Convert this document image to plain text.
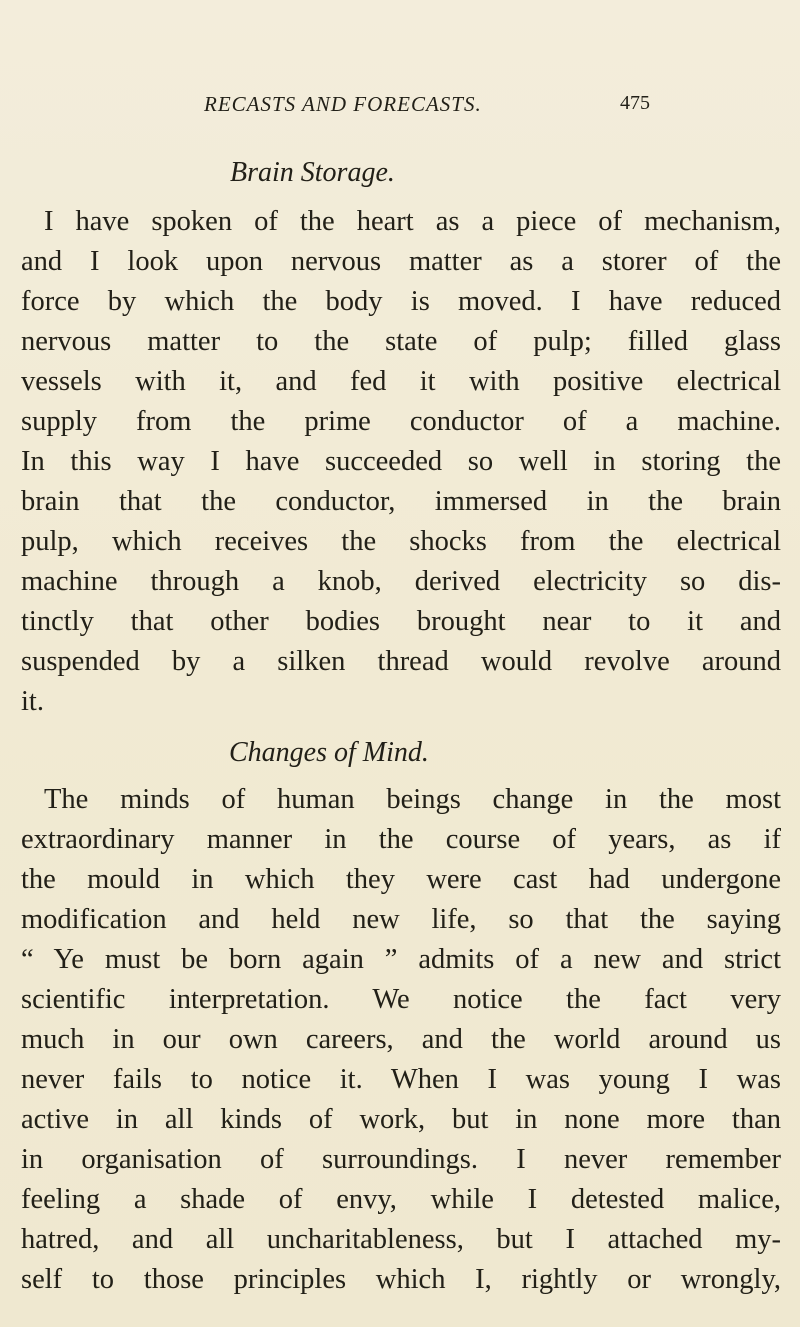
RECASTS AND FORECASTS.	475
Brain Storage.
I have spoken of the heart as a piece of mechanism,
and I look upon nervous matter as a storer of the
force by which the body is moved. I have reduced
nervous matter to the state of pulp; filled glass
vessels with it, and fed it with positive electrical
supply from the prime conductor of a machine.
In this way I have succeeded so well in storing the
brain that the conductor, immersed in the brain
pulp, which receives the shocks from the electrical
machine through a knob, derived electricity so dis-
tinctly that other bodies brought near to it and
suspended by a silken thread would revolve around
it.
Changes of Mind.
The minds of human beings change in the most
extraordinary manner in the course of years, as if
the mould in which they were cast had undergone
modification and held new life, so that the saying
“ Ye must be born again ” admits of a new and strict
scientific interpretation. We notice the fact very
much in our own careers, and the world around us
never fails to notice it. When I was young I was
active in all kinds of work, but in none more than
in organisation of surroundings. I never remember
feeling a shade of envy, while I detested malice,
hatred, and all uncharitableness, but I attached my-
self to those principles which I, rightly or wrongly,
